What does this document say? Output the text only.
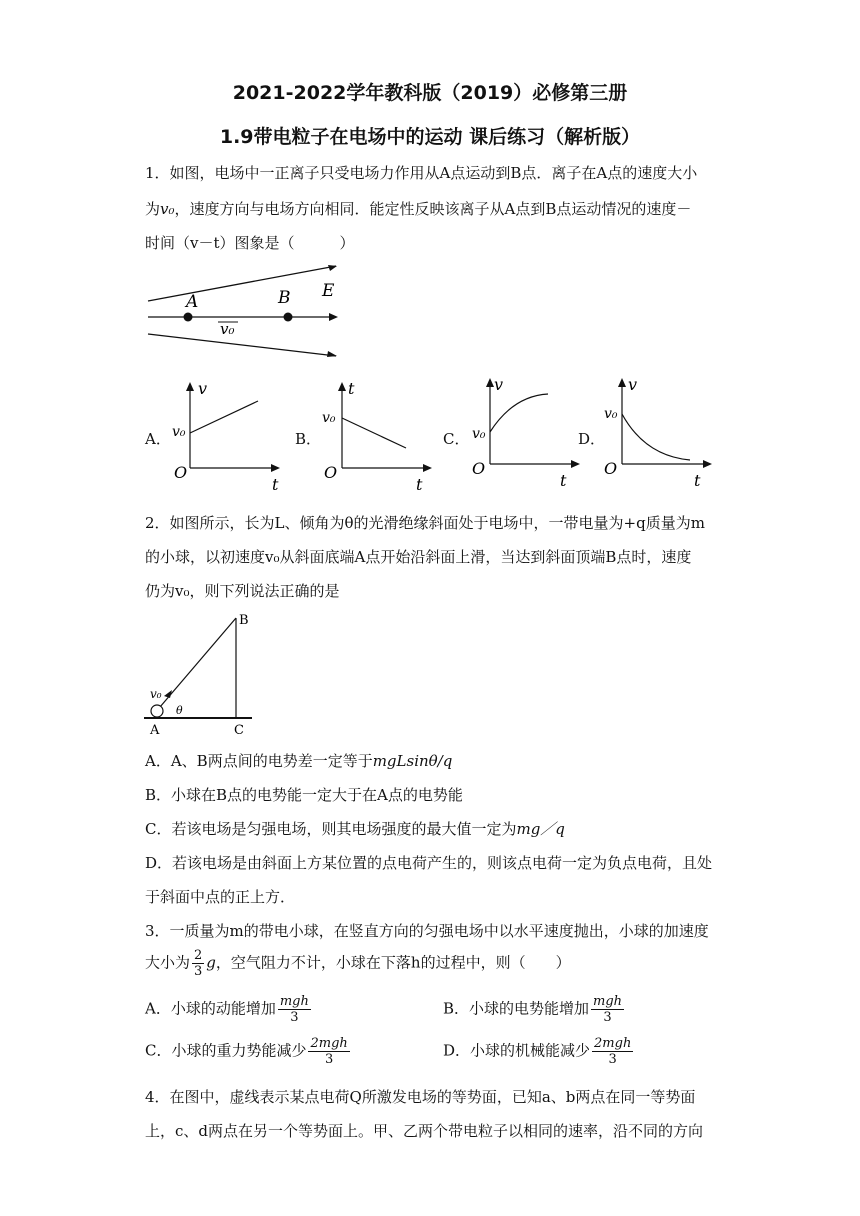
2021-2022学年教科版（2019）必修第三册
1.9带电粒子在电场中的运动 课后练习（解析版）
1．如图，电场中一正离子只受电场力作用从A点运动到B点．离子在A点的速度大小
为v₀，速度方向与电场方向相同．能定性反映该离子从A点到B点运动情况的速度－
时间（v－t）图象是（　　　）
A	B E
v₀
A．	B．	C．	D．
v
v₀
O
t
t
v₀
O
t
v
v₀
O
t
v
v₀
O
t
2．如图所示，长为L、倾角为θ的光滑绝缘斜面处于电场中，一带电量为+q质量为m
的小球，以初速度v₀从斜面底端A点开始沿斜面上滑，当达到斜面顶端B点时，速度
仍为v₀，则下列说法正确的是
B
A	C
v₀
θ
A．A、B两点间的电势差一定等于mgLsinθ/q
B．小球在B点的电势能一定大于在A点的电势能
C．若该电场是匀强电场，则其电场强度的最大值一定为mg／q
D．若该电场是由斜面上方某位置的点电荷产生的，则该点电荷一定为负点电荷，且处
于斜面中点的正上方．
3．一质量为m的带电小球，在竖直方向的匀强电场中以水平速度抛出，小球的加速度
大小为 $\frac{2}{3}$ g，空气阻力不计，小球在下落h的过程中，则（　　）
A．小球的动能增加 $\frac{\text{mgh}}{3}$	B．小球的电势能增加 $\frac{\text{mgh}}{3}$
C．小球的重力势能减少 $\frac{\text{2mgh}}{3}$	D．小球的机械能减少 $\frac{\text{2mgh}}{3}$
4．在图中，虚线表示某点电荷Q所激发电场的等势面，已知a、b两点在同一等势面
上，c、d两点在另一个等势面上。甲、乙两个带电粒子以相同的速率，沿不同的方向
